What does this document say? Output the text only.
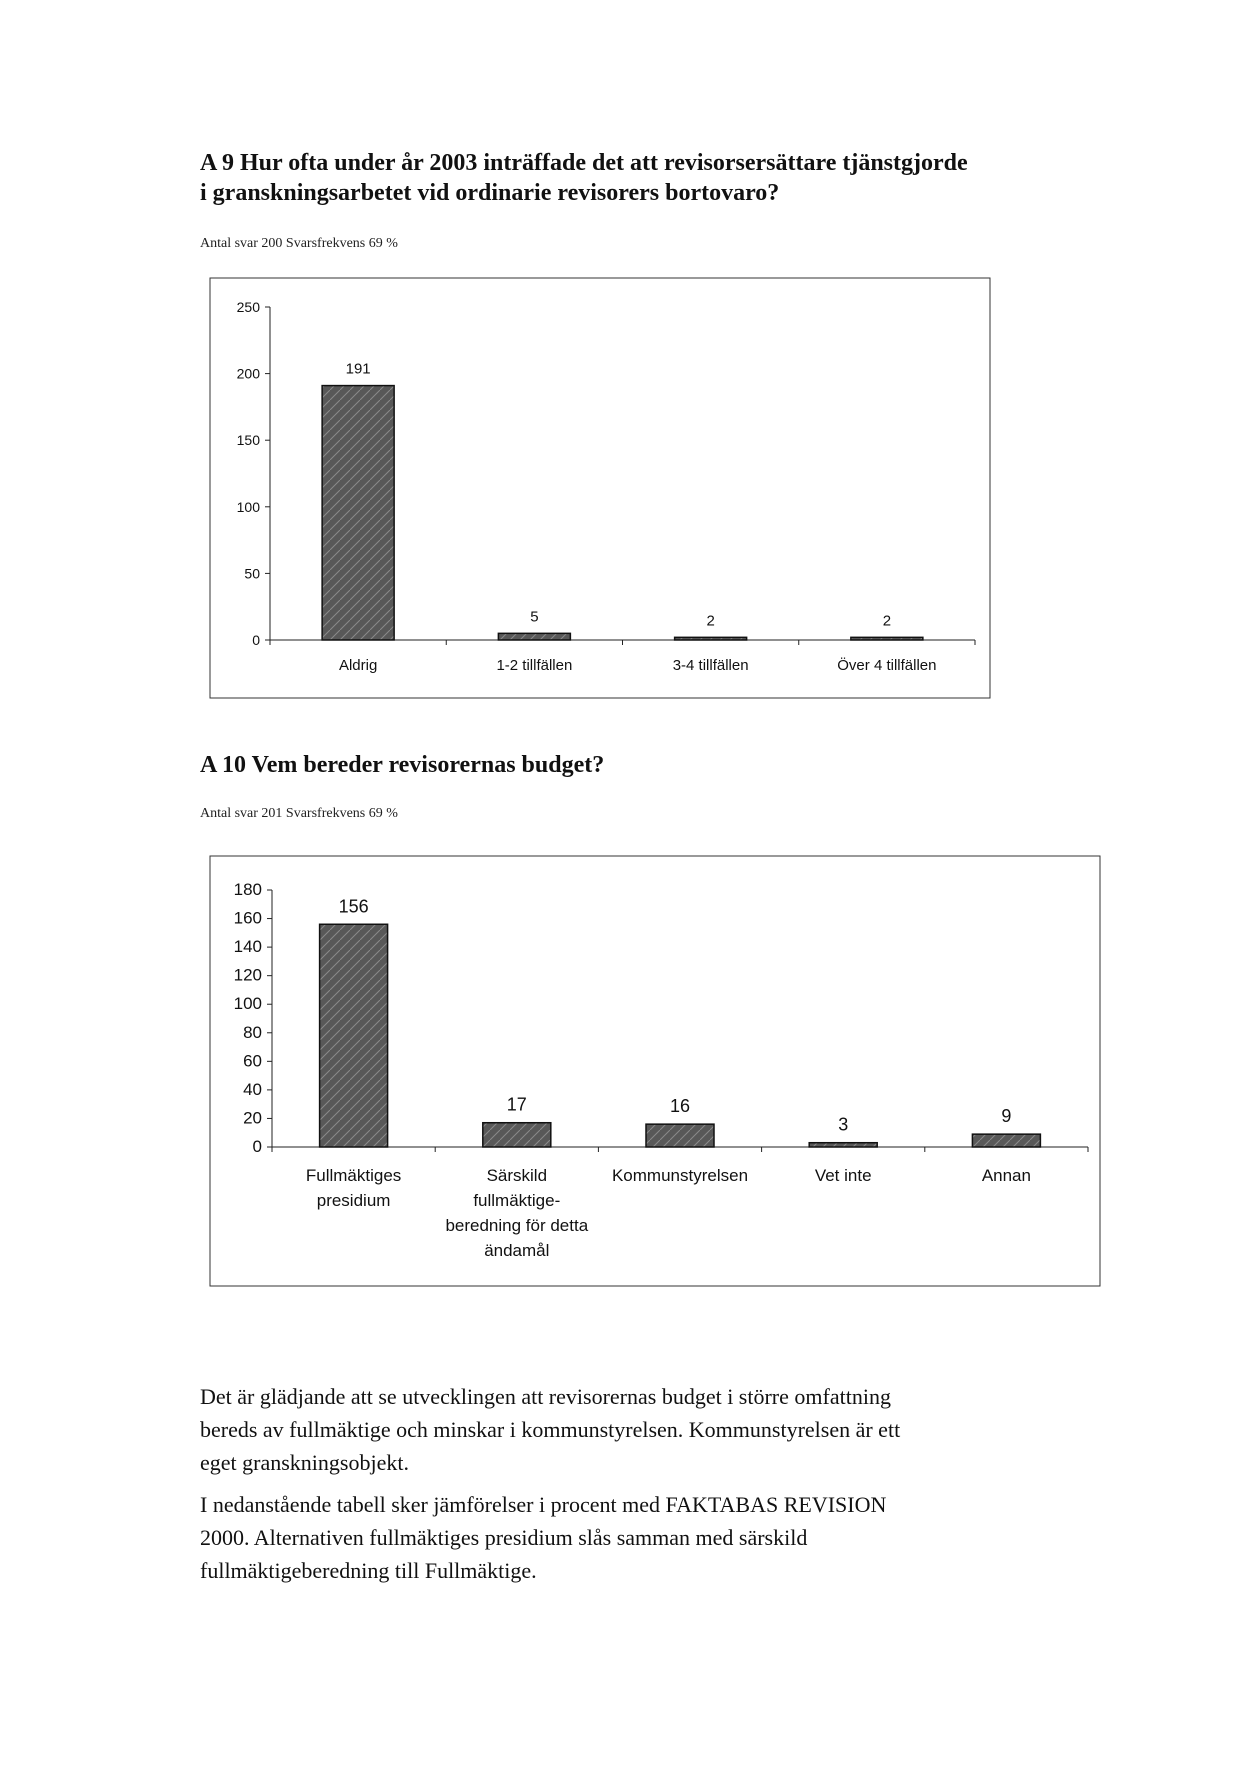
A 9 Hur ofta under år 2003 inträffade det att revisorsersättare tjänstgjorde
i granskningsarbetet vid ordinarie revisorers bortovaro?
Antal svar 200 Svarsfrekvens 69 %
A 10 Vem bereder revisorernas budget?
Antal svar 201 Svarsfrekvens 69 %
0
50
100
150
200
250
191
Aldrig
5
1-2 tillfällen
2
3-4 tillfällen
2
Över 4 tillfällen
0
20
40
60
80
100
120
140
160
180
156
Fullmäktiges
presidium
17
Särskild
fullmäktige-
beredning för detta
ändamål
16
Kommunstyrelsen
3
Vet inte
9
Annan
Det är glädjande att se utvecklingen att revisorernas budget i större omfattning
bereds av fullmäktige och minskar i kommunstyrelsen. Kommunstyrelsen är ett
eget granskningsobjekt.
I nedanstående tabell sker jämförelser i procent med FAKTABAS REVISION
2000. Alternativen fullmäktiges presidium slås samman med särskild
fullmäktigeberedning till Fullmäktige.
